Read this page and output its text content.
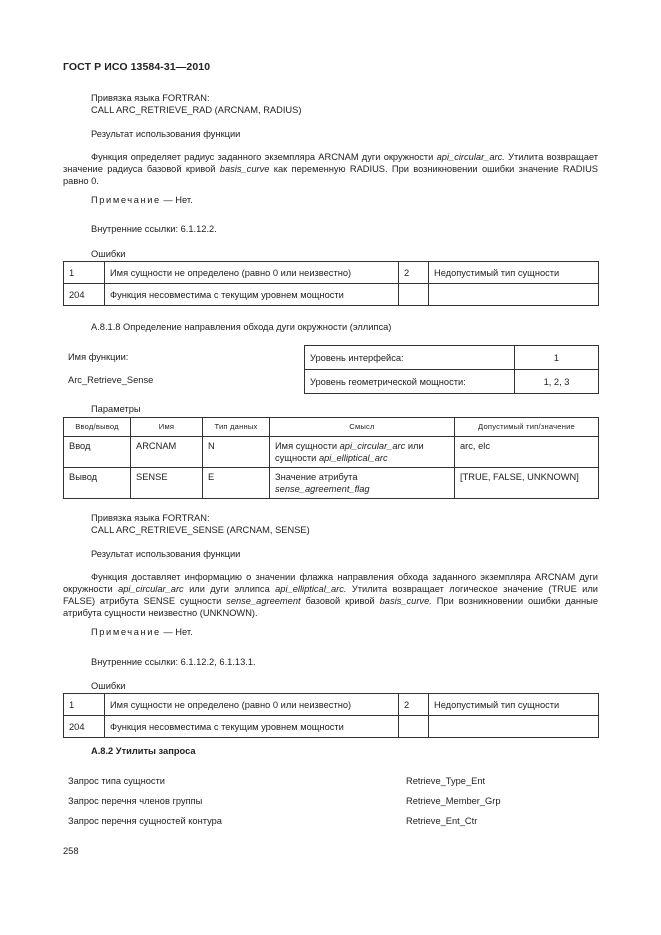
ГОСТ Р ИСО 13584-31—2010
Привязка языка FORTRAN:
CALL ARC_RETRIEVE_RAD (ARCNAM, RADIUS)
Результат использования функции
Функция определяет радиус заданного экземпляра ARCNAM дуги окружности api_circular_arc. Утилита возвращает значение радиуса базовой кривой basis_curve как переменную RADIUS. При возникновении ошибки значение RADIUS равно 0.
Примечание — Нет.
Внутренние ссылки: 6.1.12.2.
Ошибки
1	Имя сущности не определено (равно 0 или неизвестно)	2	Недопустимый тип сущности
204	Функция несовместима с текущим уровнем мощности		
А.8.1.8 Определение направления обхода дуги окружности (эллипса)
Имя функции:
Arc_Retrieve_Sense
Уровень интерфейса:	1
Уровень геометрической мощности:	1, 2, 3
Параметры
Ввод/вывод	Имя	Тип данных	Смысл	Допустимый тип/значение
Ввод	ARCNAM	N	Имя сущности api_circular_arc или сущности api_elliptical_arc	arc, elc
Вывод	SENSE	E	Значение атрибута sense_agreement_flag	[TRUE, FALSE, UNKNOWN]
Привязка языка FORTRAN:
CALL ARC_RETRIEVE_SENSE (ARCNAM, SENSE)
Результат использования функции
Функция доставляет информацию о значении флажка направления обхода заданного экземпляра ARCNAM дуги окружности api_circular_arc или дуги эллипса api_elliptical_arc. Утилита возвращает логическое значение (TRUE или FALSE) атрибута SENSE сущности sense_agreement базовой кривой basis_curve. При возникновении ошибки данные атрибута сущности неизвестно (UNKNOWN).
Примечание — Нет.
Внутренние ссылки: 6.1.12.2, 6.1.13.1.
Ошибки
1	Имя сущности не определено (равно 0 или неизвестно)	2	Недопустимый тип сущности
204	Функция несовместима с текущим уровнем мощности		
А.8.2 Утилиты запроса
Запрос типа сущности	Retrieve_Type_Ent
Запрос перечня членов группы	Retrieve_Member_Grp
Запрос перечня сущностей контура	Retrieve_Ent_Ctr
258
